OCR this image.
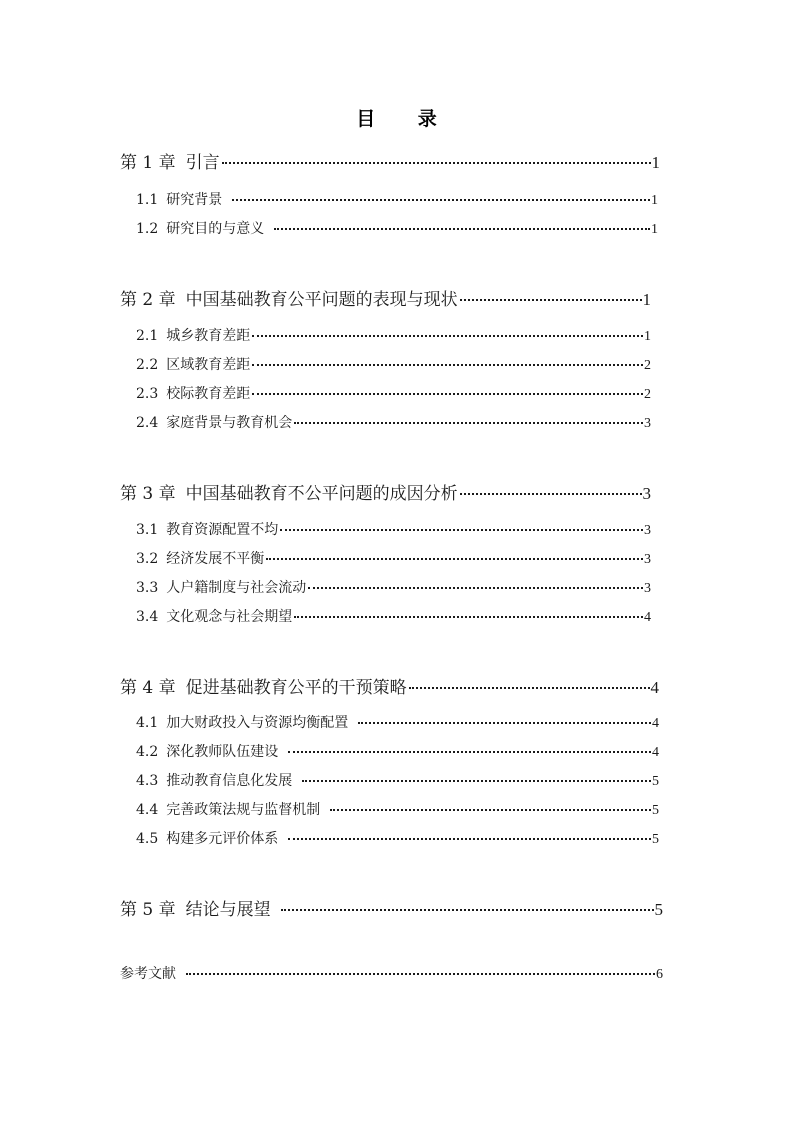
目 录
第 1 章 引言	1
1.1 研究背景	1
1.2 研究目的与意义	1
第 2 章 中国基础教育公平问题的表现与现状	1
2.1 城乡教育差距	1
2.2 区域教育差距	2
2.3 校际教育差距	2
2.4 家庭背景与教育机会	3
第 3 章 中国基础教育不公平问题的成因分析	3
3.1 教育资源配置不均	3
3.2 经济发展不平衡	3
3.3 人户籍制度与社会流动	3
3.4 文化观念与社会期望	4
第 4 章 促进基础教育公平的干预策略	4
4.1 加大财政投入与资源均衡配置	4
4.2 深化教师队伍建设	4
4.3 推动教育信息化发展	5
4.4 完善政策法规与监督机制	5
4.5 构建多元评价体系	5
第 5 章 结论与展望	5
参考文献	6
